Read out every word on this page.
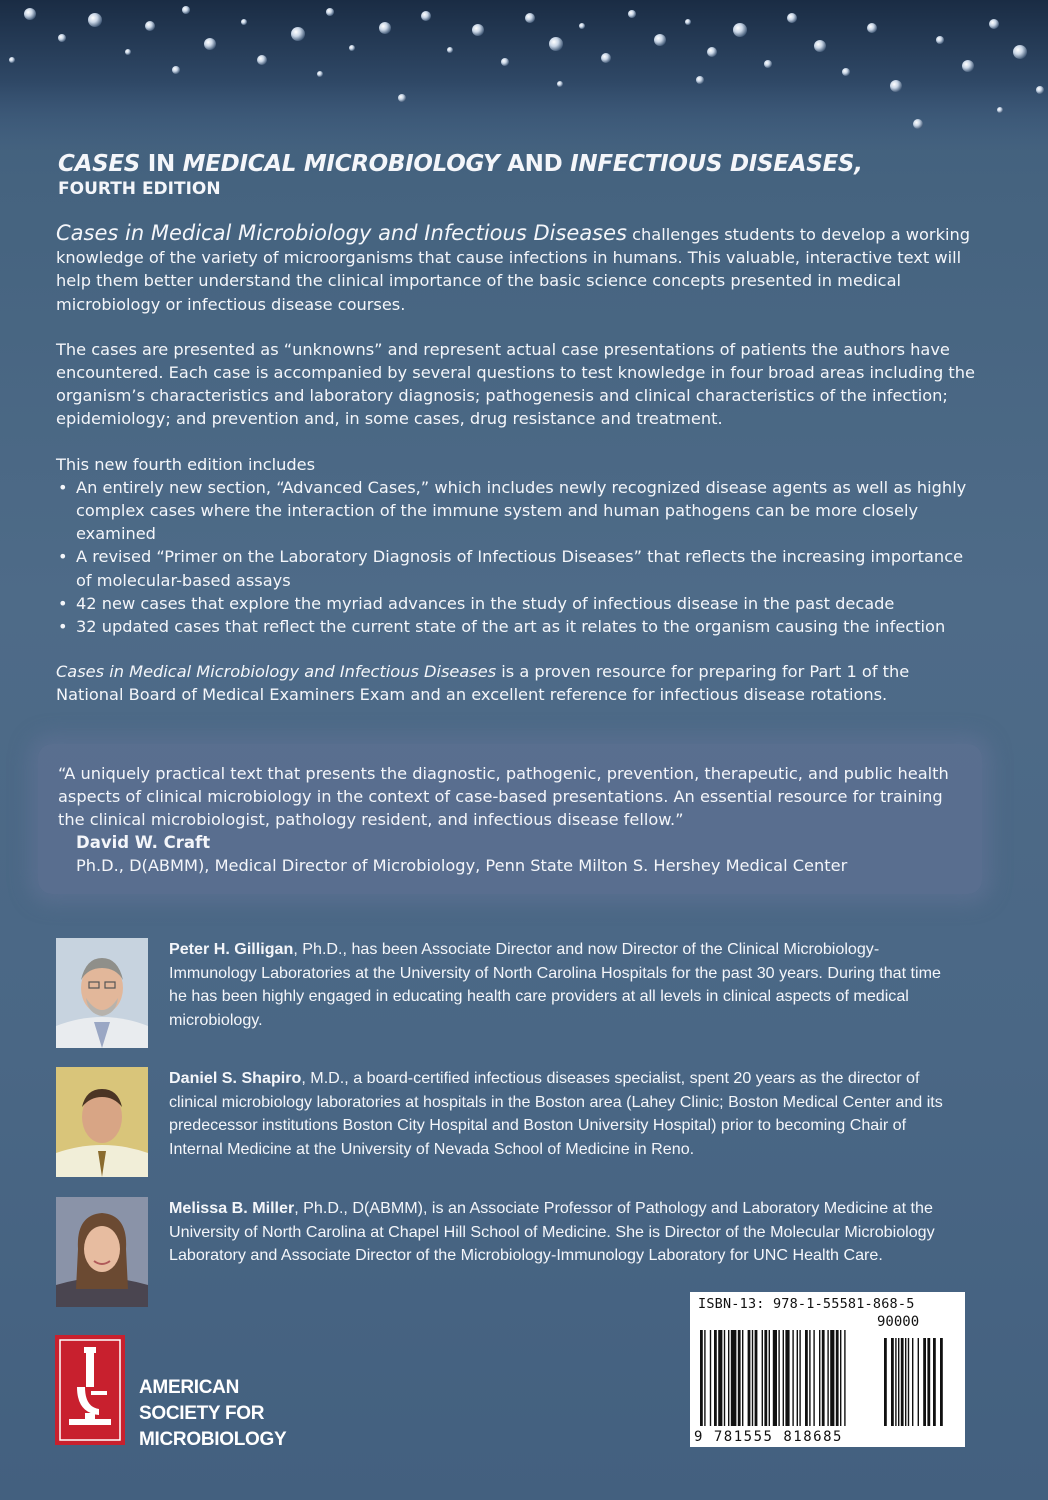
CASES IN MEDICAL MICROBIOLOGY AND INFECTIOUS DISEASES,
FOURTH EDITION

Cases in Medical Microbiology and Infectious Diseases challenges students to develop a working knowledge of the variety of microorganisms that cause infections in humans. This valuable, interactive text will help them better understand the clinical importance of the basic science concepts presented in medical microbiology or infectious disease courses.

The cases are presented as “unknowns” and represent actual case presentations of patients the authors have encountered. Each case is accompanied by several questions to test knowledge in four broad areas including the organism’s characteristics and laboratory diagnosis; pathogenesis and clinical characteristics of the infection; epidemiology; and prevention and, in some cases, drug resistance and treatment.

This new fourth edition includes
• An entirely new section, “Advanced Cases,” which includes newly recognized disease agents as well as highly complex cases where the interaction of the immune system and human pathogens can be more closely examined
• A revised “Primer on the Laboratory Diagnosis of Infectious Diseases” that reflects the increasing importance of molecular-based assays
• 42 new cases that explore the myriad advances in the study of infectious disease in the past decade
• 32 updated cases that reflect the current state of the art as it relates to the organism causing the infection

Cases in Medical Microbiology and Infectious Diseases is a proven resource for preparing for Part 1 of the National Board of Medical Examiners Exam and an excellent reference for infectious disease rotations.

“A uniquely practical text that presents the diagnostic, pathogenic, prevention, therapeutic, and public health aspects of clinical microbiology in the context of case-based presentations. An essential resource for training the clinical microbiologist, pathology resident, and infectious disease fellow.”
David W. Craft
Ph.D., D(ABMM), Medical Director of Microbiology, Penn State Milton S. Hershey Medical Center
Peter H. Gilligan, Ph.D., has been Associate Director and now Director of the Clinical Microbiology-Immunology Laboratories at the University of North Carolina Hospitals for the past 30 years. During that time he has been highly engaged in educating health care providers at all levels in clinical aspects of medical microbiology.
Daniel S. Shapiro, M.D., a board-certified infectious diseases specialist, spent 20 years as the director of clinical microbiology laboratories at hospitals in the Boston area (Lahey Clinic; Boston Medical Center and its predecessor institutions Boston City Hospital and Boston University Hospital) prior to becoming Chair of Internal Medicine at the University of Nevada School of Medicine in Reno.
Melissa B. Miller, Ph.D., D(ABMM), is an Associate Professor of Pathology and Laboratory Medicine at the University of North Carolina at Chapel Hill School of Medicine. She is Director of the Molecular Microbiology Laboratory and Associate Director of the Microbiology-Immunology Laboratory for UNC Health Care.
AMERICAN
SOCIETY FOR
MICROBIOLOGY
ISBN-13: 978-1-55581-868-5
90000
9 781555 818685
